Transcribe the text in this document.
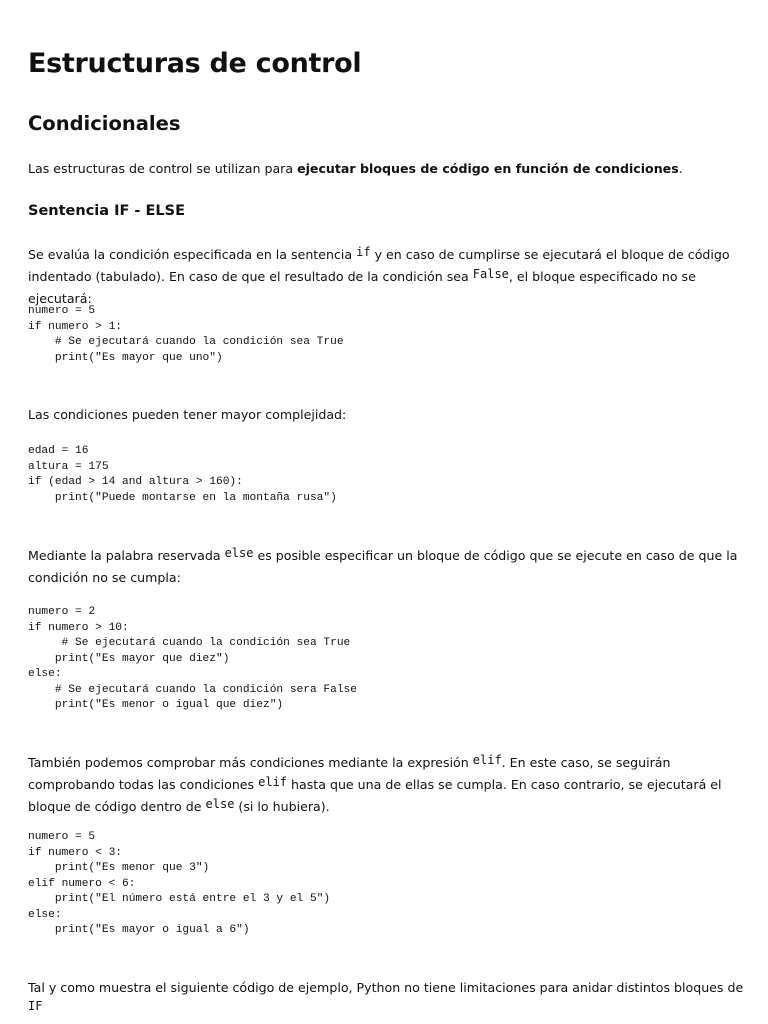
Estructuras de control
Condicionales
Las estructuras de control se utilizan para ejecutar bloques de código en función de condiciones.
Sentencia IF - ELSE
Se evalúa la condición especificada en la sentencia if y en caso de cumplirse se ejecutará el bloque de código indentado (tabulado). En caso de que el resultado de la condición sea False, el bloque especificado no se ejecutará:
numero = 5
if numero > 1:
# Se ejecutará cuando la condición sea True
print("Es mayor que uno")
Las condiciones pueden tener mayor complejidad:
edad = 16
altura = 175
if (edad > 14 and altura > 160):
print("Puede montarse en la montaña rusa")
Mediante la palabra reservada else es posible especificar un bloque de código que se ejecute en caso de que la condición no se cumpla:
numero = 2
if numero > 10:
# Se ejecutará cuando la condición sea True
print("Es mayor que diez")
else:
# Se ejecutará cuando la condición sera False
print("Es menor o igual que diez")
También podemos comprobar más condiciones mediante la expresión elif. En este caso, se seguirán comprobando todas las condiciones elif hasta que una de ellas se cumpla. En caso contrario, se ejecutará el bloque de código dentro de else (si lo hubiera).
numero = 5
if numero < 3:
print("Es menor que 3")
elif numero < 6:
print("El número está entre el 3 y el 5")
else:
print("Es mayor o igual a 6")
Tal y como muestra el siguiente código de ejemplo, Python no tiene limitaciones para anidar distintos bloques de IF
